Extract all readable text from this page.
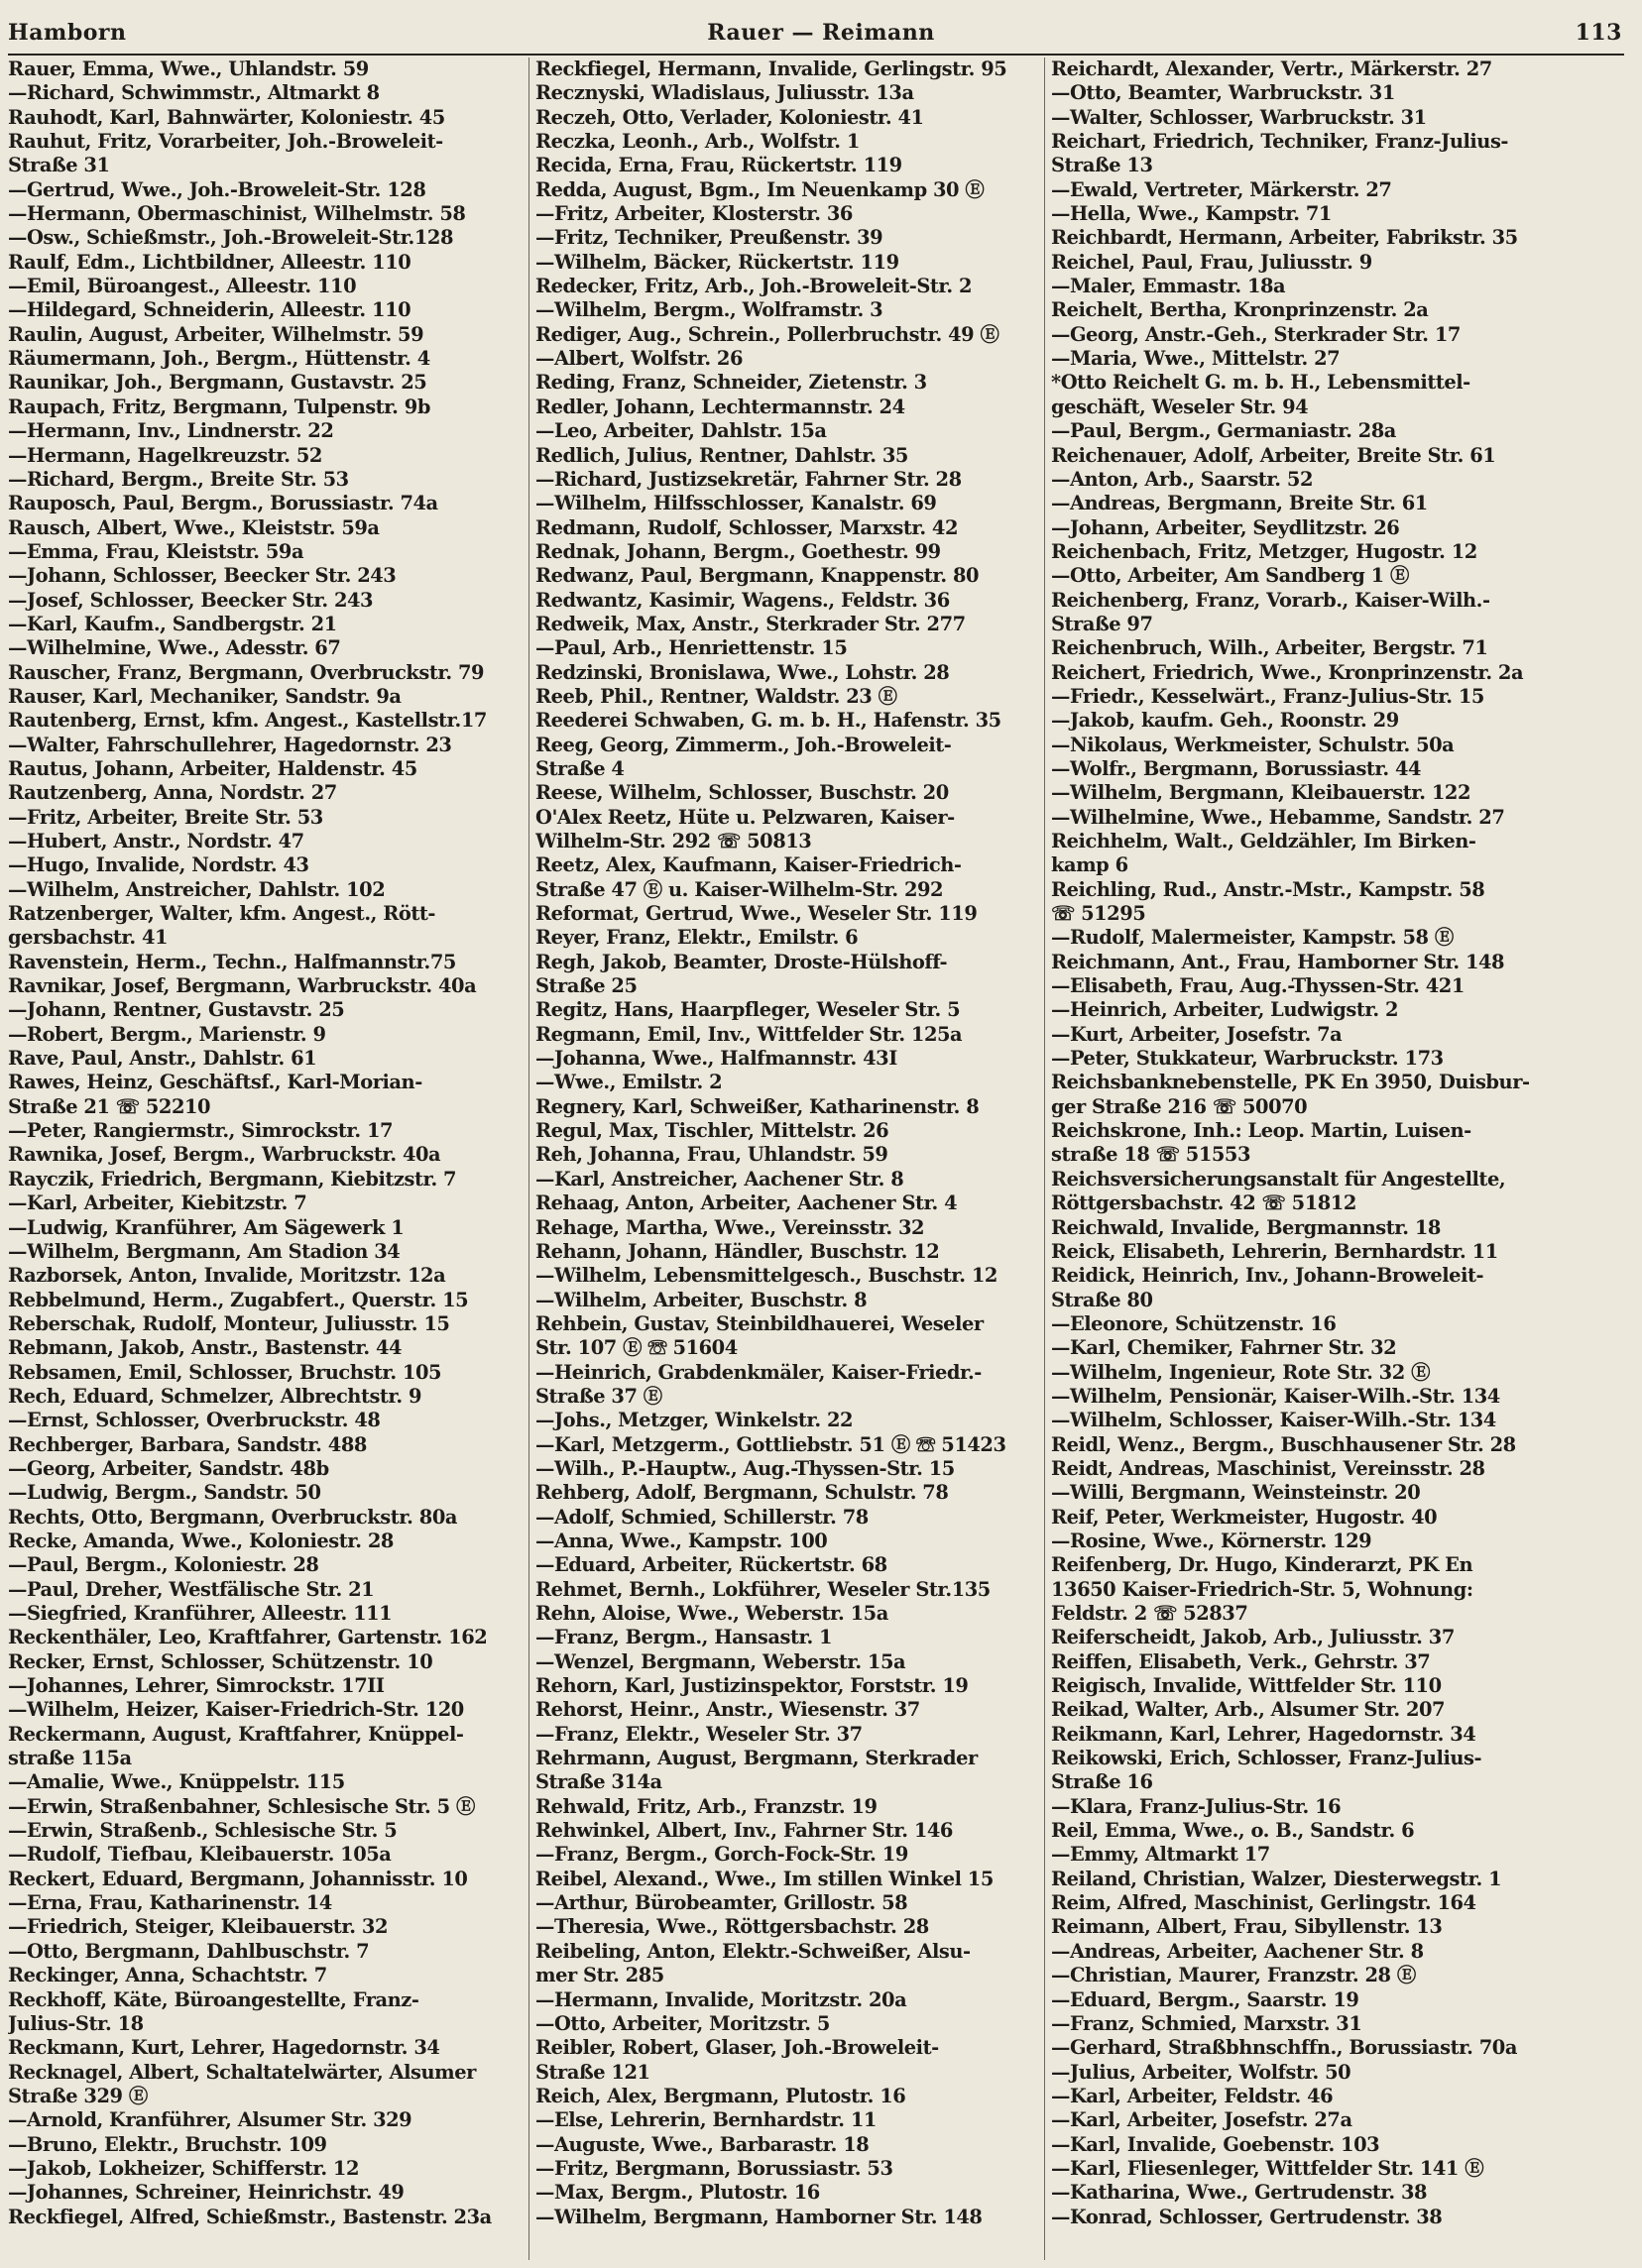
Hamborn	Rauer — Reimann	113
Rauer, Emma, Wwe., Uhlandstr. 59
—Richard, Schwimmstr., Altmarkt 8
Rauhodt, Karl, Bahnwärter, Koloniestr. 45
Rauhut, Fritz, Vorarbeiter, Joh.-Broweleit-
Straße 31
—Gertrud, Wwe., Joh.-Broweleit-Str. 128
—Hermann, Obermaschinist, Wilhelmstr. 58
—Osw., Schießmstr., Joh.-Broweleit-Str.128
Raulf, Edm., Lichtbildner, Alleestr. 110
—Emil, Büroangest., Alleestr. 110
—Hildegard, Schneiderin, Alleestr. 110
Raulin, August, Arbeiter, Wilhelmstr. 59
Räumermann, Joh., Bergm., Hüttenstr. 4
Raunikar, Joh., Bergmann, Gustavstr. 25
Raupach, Fritz, Bergmann, Tulpenstr. 9b
—Hermann, Inv., Lindnerstr. 22
—Hermann, Hagelkreuzstr. 52
—Richard, Bergm., Breite Str. 53
Rauposch, Paul, Bergm., Borussiastr. 74a
Rausch, Albert, Wwe., Kleiststr. 59a
—Emma, Frau, Kleiststr. 59a
—Johann, Schlosser, Beecker Str. 243
—Josef, Schlosser, Beecker Str. 243
—Karl, Kaufm., Sandbergstr. 21
—Wilhelmine, Wwe., Adesstr. 67
Rauscher, Franz, Bergmann, Overbruckstr. 79
Rauser, Karl, Mechaniker, Sandstr. 9a
Rautenberg, Ernst, kfm. Angest., Kastellstr.17
—Walter, Fahrschullehrer, Hagedornstr. 23
Rautus, Johann, Arbeiter, Haldenstr. 45
Rautzenberg, Anna, Nordstr. 27
—Fritz, Arbeiter, Breite Str. 53
—Hubert, Anstr., Nordstr. 47
—Hugo, Invalide, Nordstr. 43
—Wilhelm, Anstreicher, Dahlstr. 102
Ratzenberger, Walter, kfm. Angest., Rött-
gersbachstr. 41
Ravenstein, Herm., Techn., Halfmannstr.75
Ravnikar, Josef, Bergmann, Warbruckstr. 40a
—Johann, Rentner, Gustavstr. 25
—Robert, Bergm., Marienstr. 9
Rave, Paul, Anstr., Dahlstr. 61
Rawes, Heinz, Geschäftsf., Karl-Morian-
Straße 21 ☏ 52210
—Peter, Rangiermstr., Simrockstr. 17
Rawnika, Josef, Bergm., Warbruckstr. 40a
Rayczik, Friedrich, Bergmann, Kiebitzstr. 7
—Karl, Arbeiter, Kiebitzstr. 7
—Ludwig, Kranführer, Am Sägewerk 1
—Wilhelm, Bergmann, Am Stadion 34
Razborsek, Anton, Invalide, Moritzstr. 12a
Rebbelmund, Herm., Zugabfert., Querstr. 15
Reberschak, Rudolf, Monteur, Juliusstr. 15
Rebmann, Jakob, Anstr., Bastenstr. 44
Rebsamen, Emil, Schlosser, Bruchstr. 105
Rech, Eduard, Schmelzer, Albrechtstr. 9
—Ernst, Schlosser, Overbruckstr. 48
Rechberger, Barbara, Sandstr. 488
—Georg, Arbeiter, Sandstr. 48b
—Ludwig, Bergm., Sandstr. 50
Rechts, Otto, Bergmann, Overbruckstr. 80a
Recke, Amanda, Wwe., Koloniestr. 28
—Paul, Bergm., Koloniestr. 28
—Paul, Dreher, Westfälische Str. 21
—Siegfried, Kranführer, Alleestr. 111
Reckenthäler, Leo, Kraftfahrer, Gartenstr. 162
Recker, Ernst, Schlosser, Schützenstr. 10
—Johannes, Lehrer, Simrockstr. 17II
—Wilhelm, Heizer, Kaiser-Friedrich-Str. 120
Reckermann, August, Kraftfahrer, Knüppel-
straße 115a
—Amalie, Wwe., Knüppelstr. 115
—Erwin, Straßenbahner, Schlesische Str. 5 Ⓔ
—Erwin, Straßenb., Schlesische Str. 5
—Rudolf, Tiefbau, Kleibauerstr. 105a
Reckert, Eduard, Bergmann, Johannisstr. 10
—Erna, Frau, Katharinenstr. 14
—Friedrich, Steiger, Kleibauerstr. 32
—Otto, Bergmann, Dahlbuschstr. 7
Reckinger, Anna, Schachtstr. 7
Reckhoff, Käte, Büroangestellte, Franz-
Julius-Str. 18
Reckmann, Kurt, Lehrer, Hagedornstr. 34
Recknagel, Albert, Schaltatelwärter, Alsumer
Straße 329 Ⓔ
—Arnold, Kranführer, Alsumer Str. 329
—Bruno, Elektr., Bruchstr. 109
—Jakob, Lokheizer, Schifferstr. 12
—Johannes, Schreiner, Heinrichstr. 49
Reckfiegel, Alfred, Schießmstr., Bastenstr. 23a
Reckfiegel, Hermann, Invalide, Gerlingstr. 95
Recznyski, Wladislaus, Juliusstr. 13a
Reczeh, Otto, Verlader, Koloniestr. 41
Reczka, Leonh., Arb., Wolfstr. 1
Recida, Erna, Frau, Rückertstr. 119
Redda, August, Bgm., Im Neuenkamp 30 Ⓔ
—Fritz, Arbeiter, Klosterstr. 36
—Fritz, Techniker, Preußenstr. 39
—Wilhelm, Bäcker, Rückertstr. 119
Redecker, Fritz, Arb., Joh.-Broweleit-Str. 2
—Wilhelm, Bergm., Wolframstr. 3
Rediger, Aug., Schrein., Pollerbruchstr. 49 Ⓔ
—Albert, Wolfstr. 26
Reding, Franz, Schneider, Zietenstr. 3
Redler, Johann, Lechtermannstr. 24
—Leo, Arbeiter, Dahlstr. 15a
Redlich, Julius, Rentner, Dahlstr. 35
—Richard, Justizsekretär, Fahrner Str. 28
—Wilhelm, Hilfsschlosser, Kanalstr. 69
Redmann, Rudolf, Schlosser, Marxstr. 42
Rednak, Johann, Bergm., Goethestr. 99
Redwanz, Paul, Bergmann, Knappenstr. 80
Redwantz, Kasimir, Wagens., Feldstr. 36
Redweik, Max, Anstr., Sterkrader Str. 277
—Paul, Arb., Henriettenstr. 15
Redzinski, Bronislawa, Wwe., Lohstr. 28
Reeb, Phil., Rentner, Waldstr. 23 Ⓔ
Reederei Schwaben, G. m. b. H., Hafenstr. 35
Reeg, Georg, Zimmerm., Joh.-Broweleit-
Straße 4
Reese, Wilhelm, Schlosser, Buschstr. 20
O'Alex Reetz, Hüte u. Pelzwaren, Kaiser-
Wilhelm-Str. 292 ☏ 50813
Reetz, Alex, Kaufmann, Kaiser-Friedrich-
Straße 47 Ⓔ u. Kaiser-Wilhelm-Str. 292
Reformat, Gertrud, Wwe., Weseler Str. 119
Reyer, Franz, Elektr., Emilstr. 6
Regh, Jakob, Beamter, Droste-Hülshoff-
Straße 25
Regitz, Hans, Haarpfleger, Weseler Str. 5
Regmann, Emil, Inv., Wittfelder Str. 125a
—Johanna, Wwe., Halfmannstr. 43I
—Wwe., Emilstr. 2
Regnery, Karl, Schweißer, Katharinenstr. 8
Regul, Max, Tischler, Mittelstr. 26
Reh, Johanna, Frau, Uhlandstr. 59
—Karl, Anstreicher, Aachener Str. 8
Rehaag, Anton, Arbeiter, Aachener Str. 4
Rehage, Martha, Wwe., Vereinsstr. 32
Rehann, Johann, Händler, Buschstr. 12
—Wilhelm, Lebensmittelgesch., Buschstr. 12
—Wilhelm, Arbeiter, Buschstr. 8
Rehbein, Gustav, Steinbildhauerei, Weseler
Str. 107 Ⓔ ☏ 51604
—Heinrich, Grabdenkmäler, Kaiser-Friedr.-
Straße 37 Ⓔ
—Johs., Metzger, Winkelstr. 22
—Karl, Metzgerm., Gottliebstr. 51 Ⓔ ☏ 51423
—Wilh., P.-Hauptw., Aug.-Thyssen-Str. 15
Rehberg, Adolf, Bergmann, Schulstr. 78
—Adolf, Schmied, Schillerstr. 78
—Anna, Wwe., Kampstr. 100
—Eduard, Arbeiter, Rückertstr. 68
Rehmet, Bernh., Lokführer, Weseler Str.135
Rehn, Aloise, Wwe., Weberstr. 15a
—Franz, Bergm., Hansastr. 1
—Wenzel, Bergmann, Weberstr. 15a
Rehorn, Karl, Justizinspektor, Forststr. 19
Rehorst, Heinr., Anstr., Wiesenstr. 37
—Franz, Elektr., Weseler Str. 37
Rehrmann, August, Bergmann, Sterkrader
Straße 314a
Rehwald, Fritz, Arb., Franzstr. 19
Rehwinkel, Albert, Inv., Fahrner Str. 146
—Franz, Bergm., Gorch-Fock-Str. 19
Reibel, Alexand., Wwe., Im stillen Winkel 15
—Arthur, Bürobeamter, Grillostr. 58
—Theresia, Wwe., Röttgersbachstr. 28
Reibeling, Anton, Elektr.-Schweißer, Alsu-
mer Str. 285
—Hermann, Invalide, Moritzstr. 20a
—Otto, Arbeiter, Moritzstr. 5
Reibler, Robert, Glaser, Joh.-Broweleit-
Straße 121
Reich, Alex, Bergmann, Plutostr. 16
—Else, Lehrerin, Bernhardstr. 11
—Auguste, Wwe., Barbarastr. 18
—Fritz, Bergmann, Borussiastr. 53
—Max, Bergm., Plutostr. 16
—Wilhelm, Bergmann, Hamborner Str. 148
Reichardt, Alexander, Vertr., Märkerstr. 27
—Otto, Beamter, Warbruckstr. 31
—Walter, Schlosser, Warbruckstr. 31
Reichart, Friedrich, Techniker, Franz-Julius-
Straße 13
—Ewald, Vertreter, Märkerstr. 27
—Hella, Wwe., Kampstr. 71
Reichbardt, Hermann, Arbeiter, Fabrikstr. 35
Reichel, Paul, Frau, Juliusstr. 9
—Maler, Emmastr. 18a
Reichelt, Bertha, Kronprinzenstr. 2a
—Georg, Anstr.-Geh., Sterkrader Str. 17
—Maria, Wwe., Mittelstr. 27
*Otto Reichelt G. m. b. H., Lebensmittel-
geschäft, Weseler Str. 94
—Paul, Bergm., Germaniastr. 28a
Reichenauer, Adolf, Arbeiter, Breite Str. 61
—Anton, Arb., Saarstr. 52
—Andreas, Bergmann, Breite Str. 61
—Johann, Arbeiter, Seydlitzstr. 26
Reichenbach, Fritz, Metzger, Hugostr. 12
—Otto, Arbeiter, Am Sandberg 1 Ⓔ
Reichenberg, Franz, Vorarb., Kaiser-Wilh.-
Straße 97
Reichenbruch, Wilh., Arbeiter, Bergstr. 71
Reichert, Friedrich, Wwe., Kronprinzenstr. 2a
—Friedr., Kesselwärt., Franz-Julius-Str. 15
—Jakob, kaufm. Geh., Roonstr. 29
—Nikolaus, Werkmeister, Schulstr. 50a
—Wolfr., Bergmann, Borussiastr. 44
—Wilhelm, Bergmann, Kleibauerstr. 122
—Wilhelmine, Wwe., Hebamme, Sandstr. 27
Reichhelm, Walt., Geldzähler, Im Birken-
kamp 6
Reichling, Rud., Anstr.-Mstr., Kampstr. 58
☏ 51295
—Rudolf, Malermeister, Kampstr. 58 Ⓔ
Reichmann, Ant., Frau, Hamborner Str. 148
—Elisabeth, Frau, Aug.-Thyssen-Str. 421
—Heinrich, Arbeiter, Ludwigstr. 2
—Kurt, Arbeiter, Josefstr. 7a
—Peter, Stukkateur, Warbruckstr. 173
Reichsbanknebenstelle, PK En 3950, Duisbur-
ger Straße 216 ☏ 50070
Reichskrone, Inh.: Leop. Martin, Luisen-
straße 18 ☏ 51553
Reichsversicherungsanstalt für Angestellte,
Röttgersbachstr. 42 ☏ 51812
Reichwald, Invalide, Bergmannstr. 18
Reick, Elisabeth, Lehrerin, Bernhardstr. 11
Reidick, Heinrich, Inv., Johann-Broweleit-
Straße 80
—Eleonore, Schützenstr. 16
—Karl, Chemiker, Fahrner Str. 32
—Wilhelm, Ingenieur, Rote Str. 32 Ⓔ
—Wilhelm, Pensionär, Kaiser-Wilh.-Str. 134
—Wilhelm, Schlosser, Kaiser-Wilh.-Str. 134
Reidl, Wenz., Bergm., Buschhausener Str. 28
Reidt, Andreas, Maschinist, Vereinsstr. 28
—Willi, Bergmann, Weinsteinstr. 20
Reif, Peter, Werkmeister, Hugostr. 40
—Rosine, Wwe., Körnerstr. 129
Reifenberg, Dr. Hugo, Kinderarzt, PK En
13650 Kaiser-Friedrich-Str. 5, Wohnung:
Feldstr. 2 ☏ 52837
Reiferscheidt, Jakob, Arb., Juliusstr. 37
Reiffen, Elisabeth, Verk., Gehrstr. 37
Reigisch, Invalide, Wittfelder Str. 110
Reikad, Walter, Arb., Alsumer Str. 207
Reikmann, Karl, Lehrer, Hagedornstr. 34
Reikowski, Erich, Schlosser, Franz-Julius-
Straße 16
—Klara, Franz-Julius-Str. 16
Reil, Emma, Wwe., o. B., Sandstr. 6
—Emmy, Altmarkt 17
Reiland, Christian, Walzer, Diesterwegstr. 1
Reim, Alfred, Maschinist, Gerlingstr. 164
Reimann, Albert, Frau, Sibyllenstr. 13
—Andreas, Arbeiter, Aachener Str. 8
—Christian, Maurer, Franzstr. 28 Ⓔ
—Eduard, Bergm., Saarstr. 19
—Franz, Schmied, Marxstr. 31
—Gerhard, Straßbhnschffn., Borussiastr. 70a
—Julius, Arbeiter, Wolfstr. 50
—Karl, Arbeiter, Feldstr. 46
—Karl, Arbeiter, Josefstr. 27a
—Karl, Invalide, Goebenstr. 103
—Karl, Fliesenleger, Wittfelder Str. 141 Ⓔ
—Katharina, Wwe., Gertrudenstr. 38
—Konrad, Schlosser, Gertrudenstr. 38
